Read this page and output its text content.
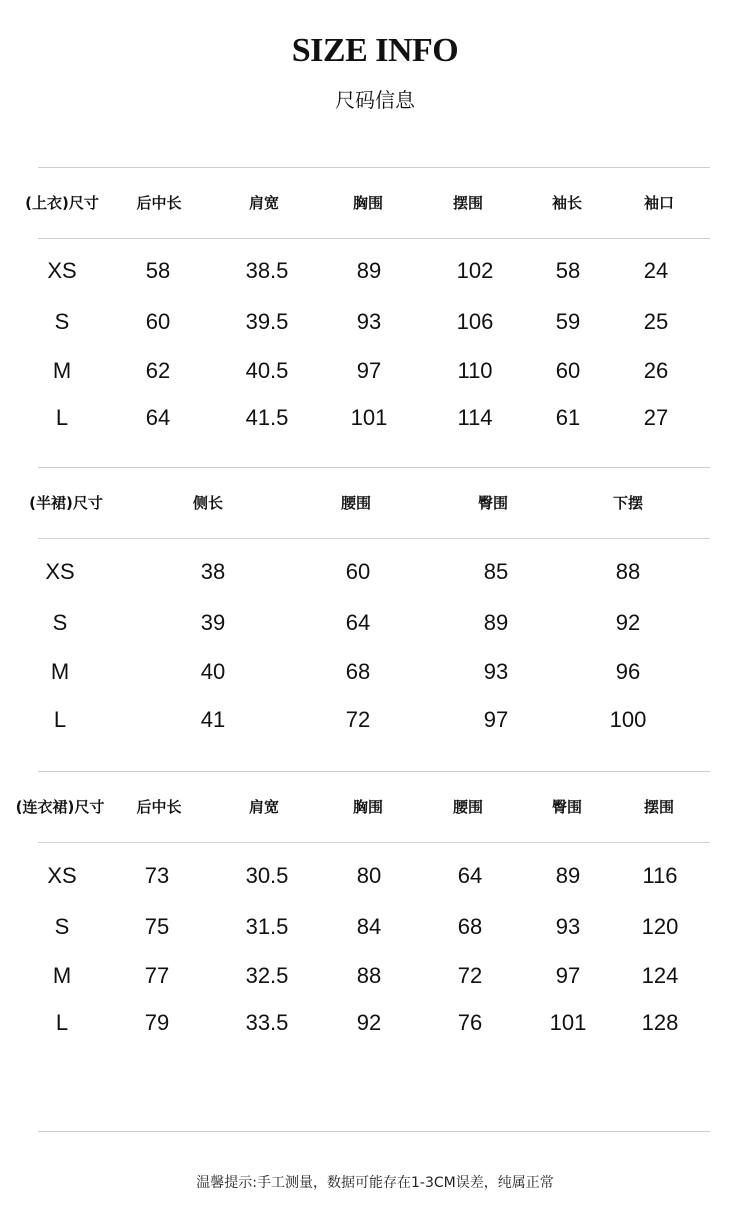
SIZE INFO
尺码信息
(上衣)尺寸	后中长	肩宽	胸围	摆围	袖长	袖口
XS	58	38.5	89	102	58	24
S	60	39.5	93	106	59	25
M	62	40.5	97	110	60	26
L	64	41.5	101	114	61	27
(半裙)尺寸	侧长	腰围	臀围	下摆
XS	38	60	85	88
S	39	64	89	92
M	40	68	93	96
L	41	72	97	100
(连衣裙)尺寸 后中长	肩宽	胸围	腰围	臀围	摆围
XS	73	30.5	80	64	89	116
S	75	31.5	84	68	93	120
M	77	32.5	88	72	97	124
L	79	33.5	92	76	101	128
温馨提示:手工测量，数据可能存在1-3CM误差，纯属正常
